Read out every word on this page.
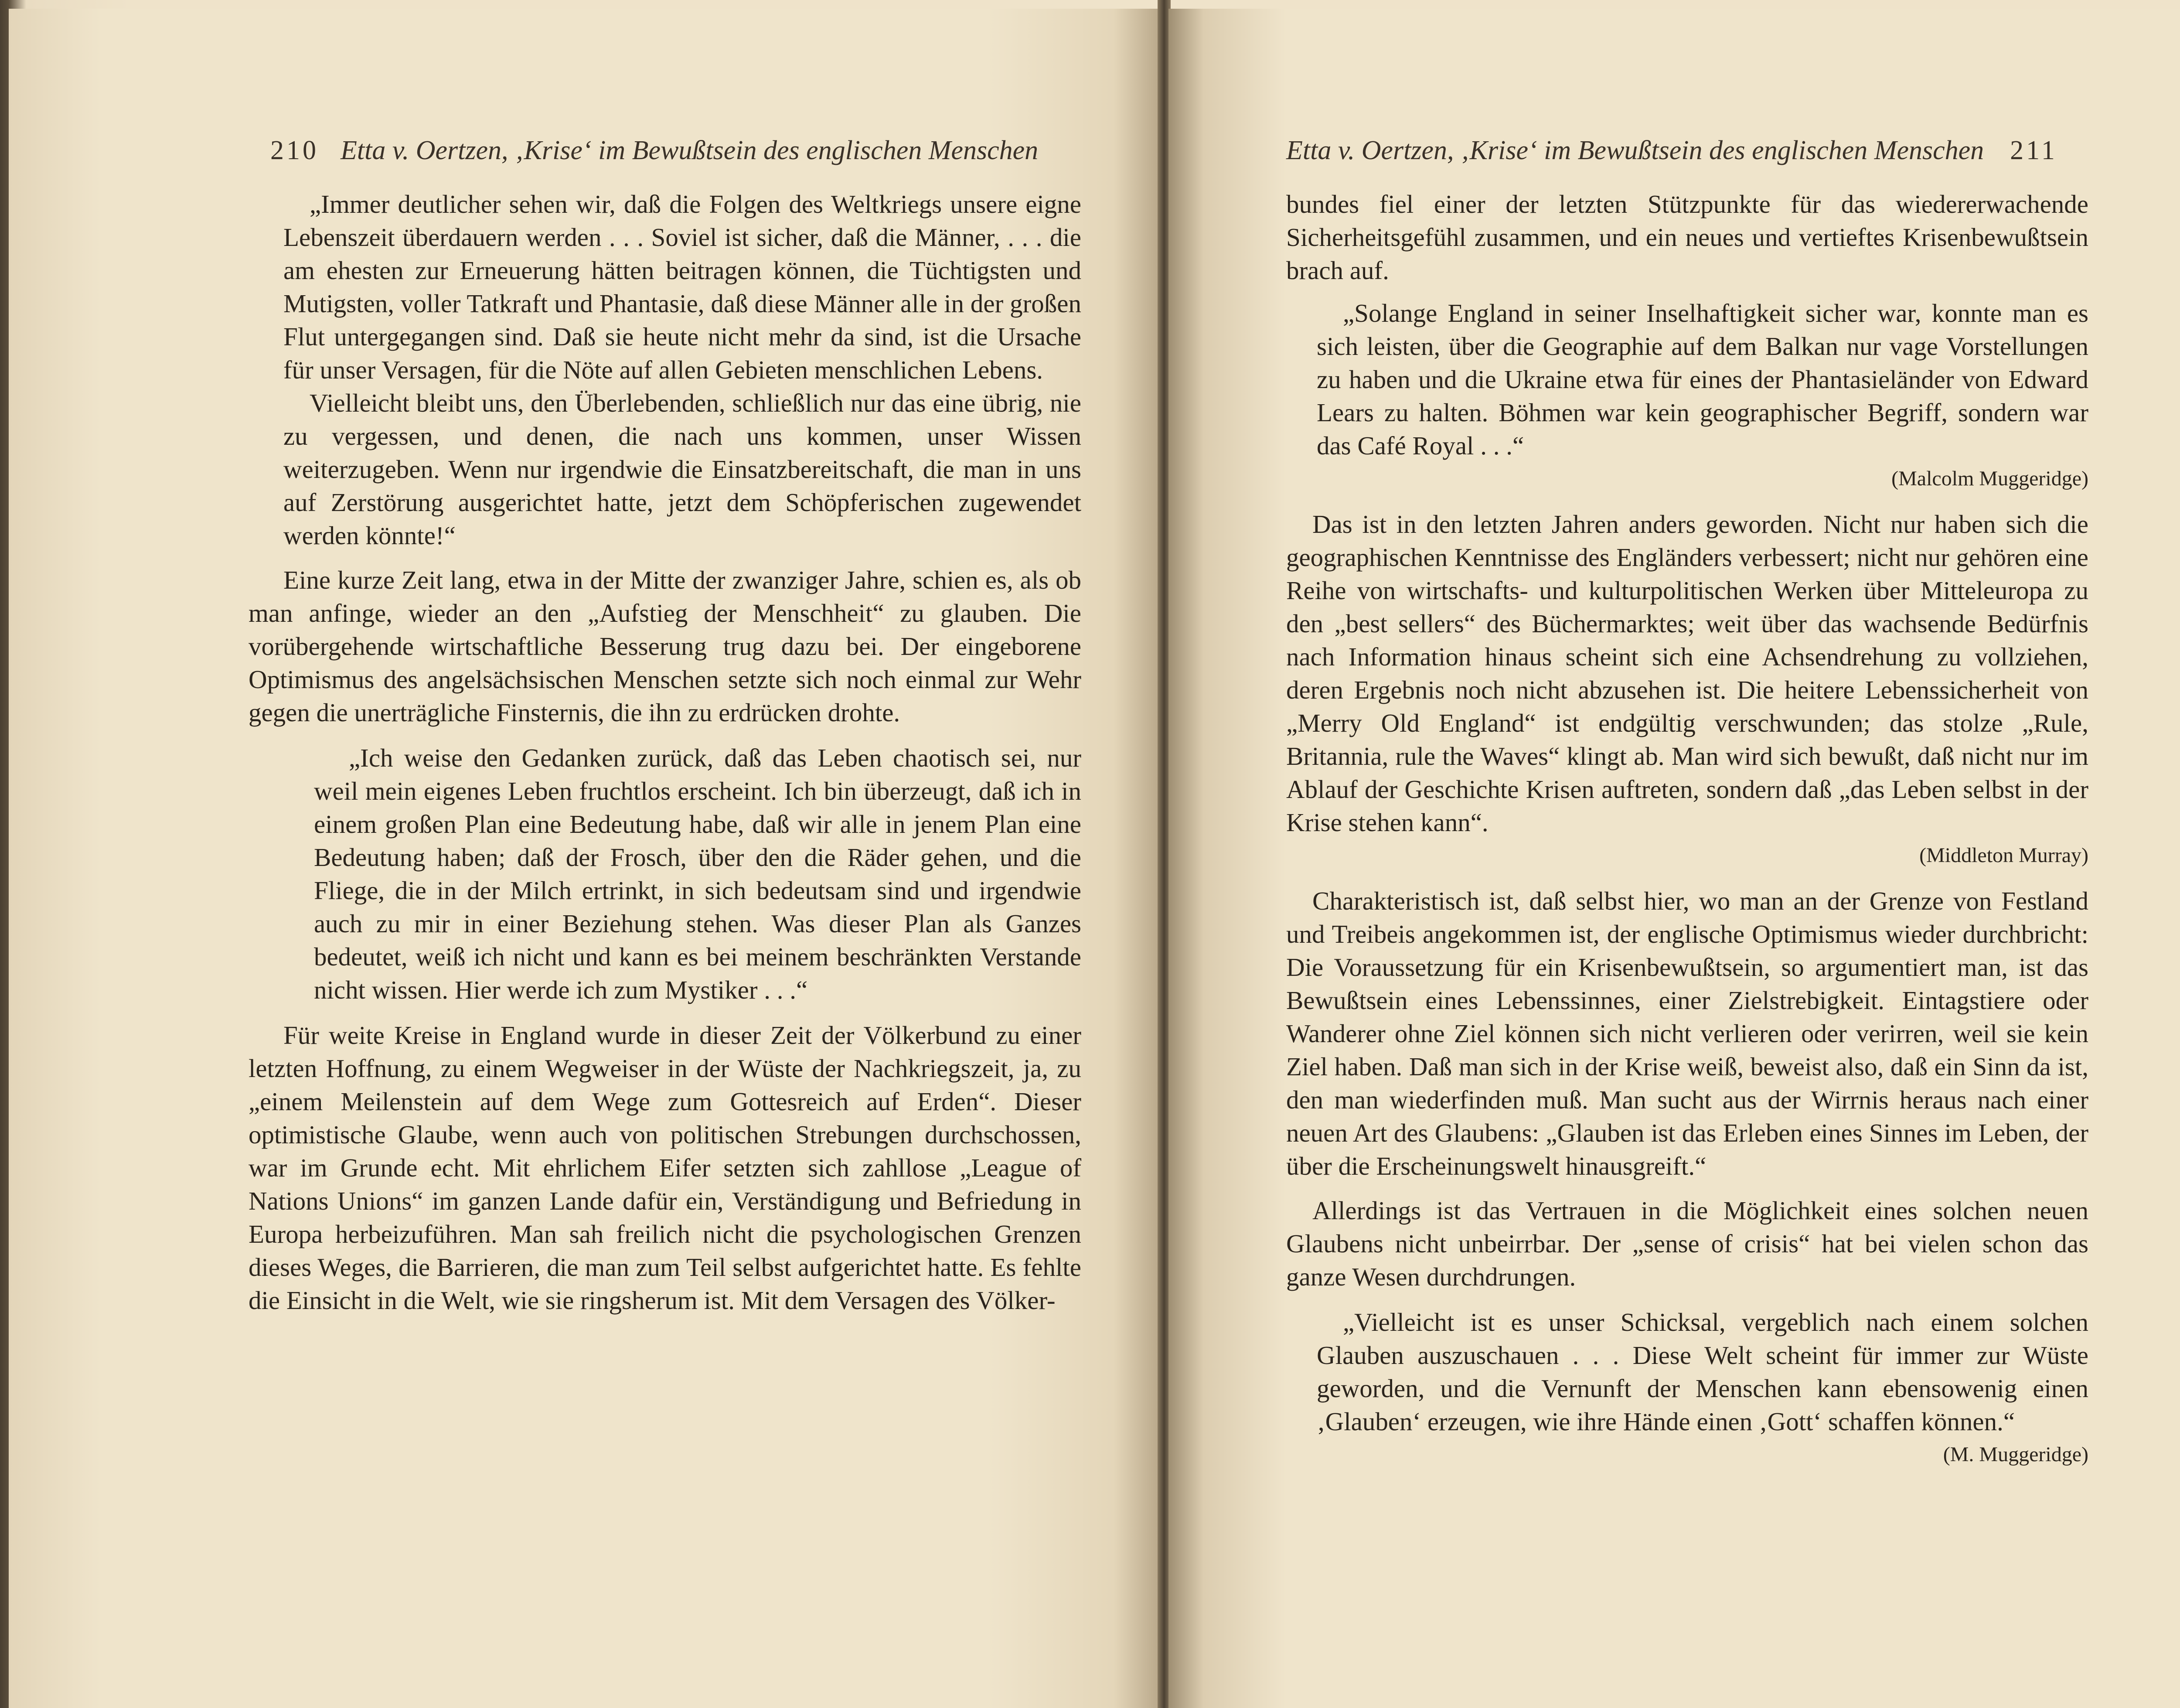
210 Etta v. Oertzen, ‚Krise‘ im Bewußtsein des englischen Menschen

„Immer deutlicher sehen wir, daß die Folgen des Weltkriegs unsere eigne Lebenszeit überdauern werden . . . Soviel ist sicher, daß die Männer, . . . die am ehesten zur Erneuerung hätten beitragen können, die Tüchtigsten und Mutigsten, voller Tatkraft und Phantasie, daß diese Männer alle in der großen Flut untergegangen sind. Daß sie heute nicht mehr da sind, ist die Ursache für unser Versagen, für die Nöte auf allen Gebieten menschlichen Lebens.

Vielleicht bleibt uns, den Überlebenden, schließlich nur das eine übrig, nie zu vergessen, und denen, die nach uns kommen, unser Wissen weiterzugeben. Wenn nur irgendwie die Einsatzbereitschaft, die man in uns auf Zerstörung ausgerichtet hatte, jetzt dem Schöpferischen zugewendet werden könnte!“

Eine kurze Zeit lang, etwa in der Mitte der zwanziger Jahre, schien es, als ob man anfinge, wieder an den „Aufstieg der Menschheit“ zu glauben. Die vorübergehende wirtschaftliche Besserung trug dazu bei. Der eingeborene Optimismus des angelsächsischen Menschen setzte sich noch einmal zur Wehr gegen die unerträgliche Finsternis, die ihn zu erdrücken drohte.

„Ich weise den Gedanken zurück, daß das Leben chaotisch sei, nur weil mein eigenes Leben fruchtlos erscheint. Ich bin überzeugt, daß ich in einem großen Plan eine Bedeutung habe, daß wir alle in jenem Plan eine Bedeutung haben; daß der Frosch, über den die Räder gehen, und die Fliege, die in der Milch ertrinkt, in sich bedeutsam sind und irgendwie auch zu mir in einer Beziehung stehen. Was dieser Plan als Ganzes bedeutet, weiß ich nicht und kann es bei meinem beschränkten Verstande nicht wissen. Hier werde ich zum Mystiker . . .“

Für weite Kreise in England wurde in dieser Zeit der Völkerbund zu einer letzten Hoffnung, zu einem Wegweiser in der Wüste der Nachkriegszeit, ja, zu „einem Meilenstein auf dem Wege zum Gottesreich auf Erden“. Dieser optimistische Glaube, wenn auch von politischen Strebungen durchschossen, war im Grunde echt. Mit ehrlichem Eifer setzten sich zahllose „League of Nations Unions“ im ganzen Lande dafür ein, Verständigung und Befriedung in Europa herbeizuführen. Man sah freilich nicht die psychologischen Grenzen dieses Weges, die Barrieren, die man zum Teil selbst aufgerichtet hatte. Es fehlte die Einsicht in die Welt, wie sie ringsherum ist. Mit dem Versagen des Völker-

Etta v. Oertzen, ‚Krise‘ im Bewußtsein des englischen Menschen 211

bundes fiel einer der letzten Stützpunkte für das wiedererwachende Sicherheitsgefühl zusammen, und ein neues und vertieftes Krisenbewußtsein brach auf.

„Solange England in seiner Inselhaftigkeit sicher war, konnte man es sich leisten, über die Geographie auf dem Balkan nur vage Vorstellungen zu haben und die Ukraine etwa für eines der Phantasieländer von Edward Lears zu halten. Böhmen war kein geographischer Begriff, sondern war das Café Royal . . .“

(Malcolm Muggeridge)

Das ist in den letzten Jahren anders geworden. Nicht nur haben sich die geographischen Kenntnisse des Engländers verbessert; nicht nur gehören eine Reihe von wirtschafts- und kulturpolitischen Werken über Mitteleuropa zu den „best sellers“ des Büchermarktes; weit über das wachsende Bedürfnis nach Information hinaus scheint sich eine Achsendrehung zu vollziehen, deren Ergebnis noch nicht abzusehen ist. Die heitere Lebenssicherheit von „Merry Old England“ ist endgültig verschwunden; das stolze „Rule, Britannia, rule the Waves“ klingt ab. Man wird sich bewußt, daß nicht nur im Ablauf der Geschichte Krisen auftreten, sondern daß „das Leben selbst in der Krise stehen kann“.

(Middleton Murray)

Charakteristisch ist, daß selbst hier, wo man an der Grenze von Festland und Treibeis angekommen ist, der englische Optimismus wieder durchbricht: Die Voraussetzung für ein Krisenbewußtsein, so argumentiert man, ist das Bewußtsein eines Lebenssinnes, einer Zielstrebigkeit. Eintagstiere oder Wanderer ohne Ziel können sich nicht verlieren oder verirren, weil sie kein Ziel haben. Daß man sich in der Krise weiß, beweist also, daß ein Sinn da ist, den man wiederfinden muß. Man sucht aus der Wirrnis heraus nach einer neuen Art des Glaubens: „Glauben ist das Erleben eines Sinnes im Leben, der über die Erscheinungswelt hinausgreift.“

Allerdings ist das Vertrauen in die Möglichkeit eines solchen neuen Glaubens nicht unbeirrbar. Der „sense of crisis“ hat bei vielen schon das ganze Wesen durchdrungen.

„Vielleicht ist es unser Schicksal, vergeblich nach einem solchen Glauben auszuschauen . . . Diese Welt scheint für immer zur Wüste geworden, und die Vernunft der Menschen kann ebensowenig einen ‚Glauben‘ erzeugen, wie ihre Hände einen ‚Gott‘ schaffen können.“

(M. Muggeridge)
